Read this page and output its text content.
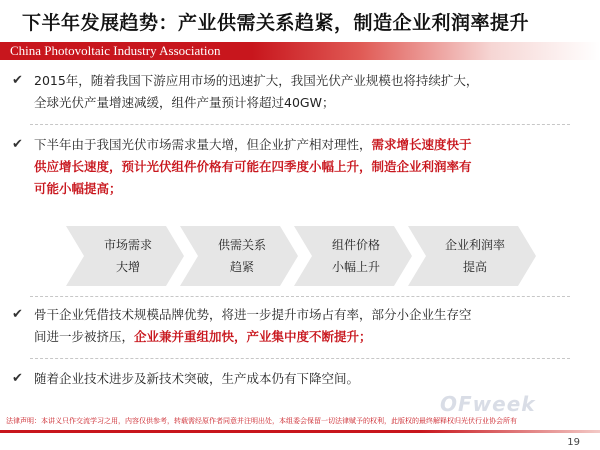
下半年发展趋势：产业供需关系趋紧，制造企业利润率提升
China Photovoltaic Industry Association
✔ 2015年，随着我国下游应用市场的迅速扩大，我国光伏产业规模也将持续扩大，
全球光伏产量增速减缓，组件产量预计将超过40GW；
✔ 下半年由于我国光伏市场需求量大增，但企业扩产相对理性，需求增长速度快于
供应增长速度，预计光伏组件价格有可能在四季度小幅上升，制造企业利润率有
可能小幅提高；
市场需求
大增
供需关系
趋紧
组件价格
小幅上升
企业利润率
提高
✔ 骨干企业凭借技术规模品牌优势，将进一步提升市场占有率，部分小企业生存空
间进一步被挤压，企业兼并重组加快，产业集中度不断提升；
✔ 随着企业技术进步及新技术突破，生产成本仍有下降空间。
OFweek
法律声明：本讲义只作交流学习之用，内容仅供参考，转载需经原作者同意并注明出处，本组委会保留一切法律赋予的权利，此版权的最终解释权归光伏行业协会所有
19
